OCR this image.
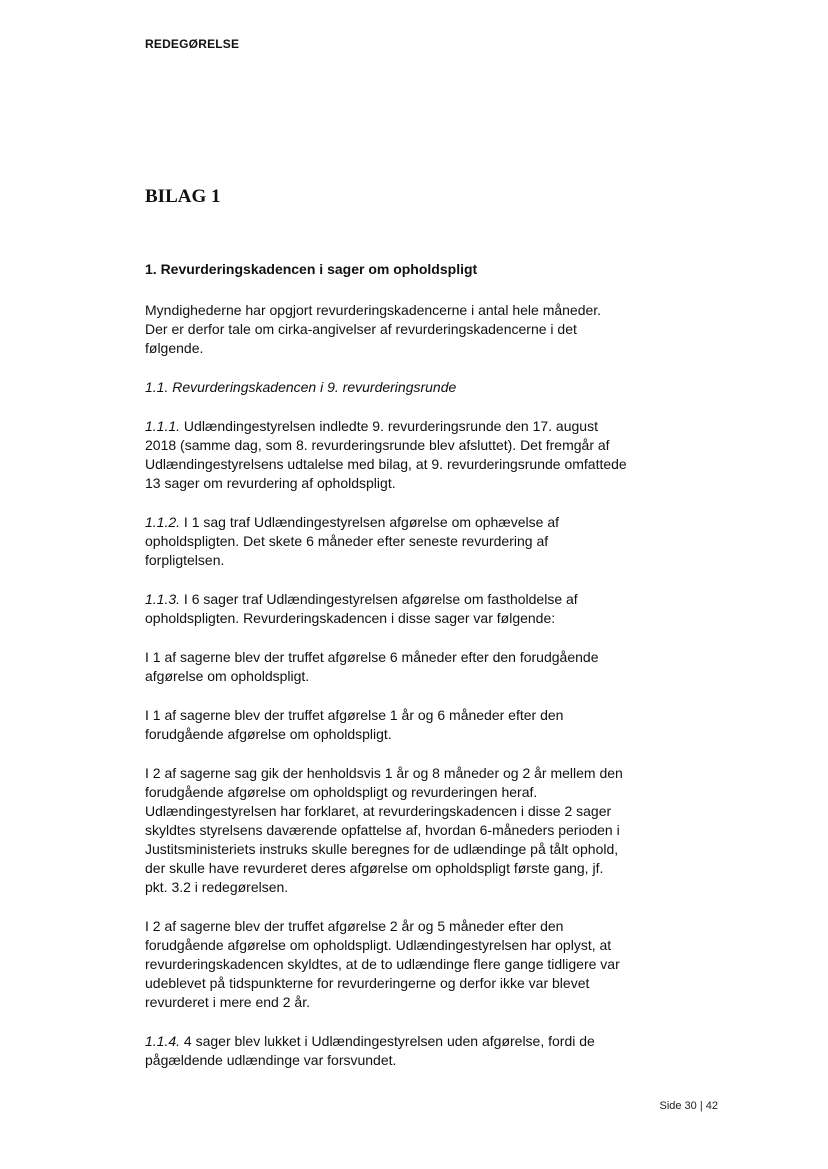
REDEGØRELSE
BILAG 1

1. Revurderingskadencen i sager om opholdspligt

Myndighederne har opgjort revurderingskadencerne i antal hele måneder. Der er derfor tale om cirka-angivelser af revurderingskadencerne i det følgende.

1.1. Revurderingskadencen i 9. revurderingsrunde

1.1.1. Udlændingestyrelsen indledte 9. revurderingsrunde den 17. august 2018 (samme dag, som 8. revurderingsrunde blev afsluttet). Det fremgår af Udlændingestyrelsens udtalelse med bilag, at 9. revurderingsrunde omfattede 13 sager om revurdering af opholdspligt.

1.1.2. I 1 sag traf Udlændingestyrelsen afgørelse om ophævelse af opholdspligten. Det skete 6 måneder efter seneste revurdering af forpligtelsen.

1.1.3. I 6 sager traf Udlændingestyrelsen afgørelse om fastholdelse af opholdspligten. Revurderingskadencen i disse sager var følgende:

I 1 af sagerne blev der truffet afgørelse 6 måneder efter den forudgående afgørelse om opholdspligt.

I 1 af sagerne blev der truffet afgørelse 1 år og 6 måneder efter den forudgående afgørelse om opholdspligt.

I 2 af sagerne sag gik der henholdsvis 1 år og 8 måneder og 2 år mellem den forudgående afgørelse om opholdspligt og revurderingen heraf. Udlændingestyrelsen har forklaret, at revurderingskadencen i disse 2 sager skyldtes styrelsens daværende opfattelse af, hvordan 6-måneders perioden i Justitsministeriets instruks skulle beregnes for de udlændinge på tålt ophold, der skulle have revurderet deres afgørelse om opholdspligt første gang, jf. pkt. 3.2 i redegørelsen.

I 2 af sagerne blev der truffet afgørelse 2 år og 5 måneder efter den forudgående afgørelse om opholdspligt. Udlændingestyrelsen har oplyst, at revurderingskadencen skyldtes, at de to udlændinge flere gange tidligere var udeblevet på tidspunkterne for revurderingerne og derfor ikke var blevet revurderet i mere end 2 år.

1.1.4. 4 sager blev lukket i Udlændingestyrelsen uden afgørelse, fordi de pågældende udlændinge var forsvundet.

Side 30 | 42
